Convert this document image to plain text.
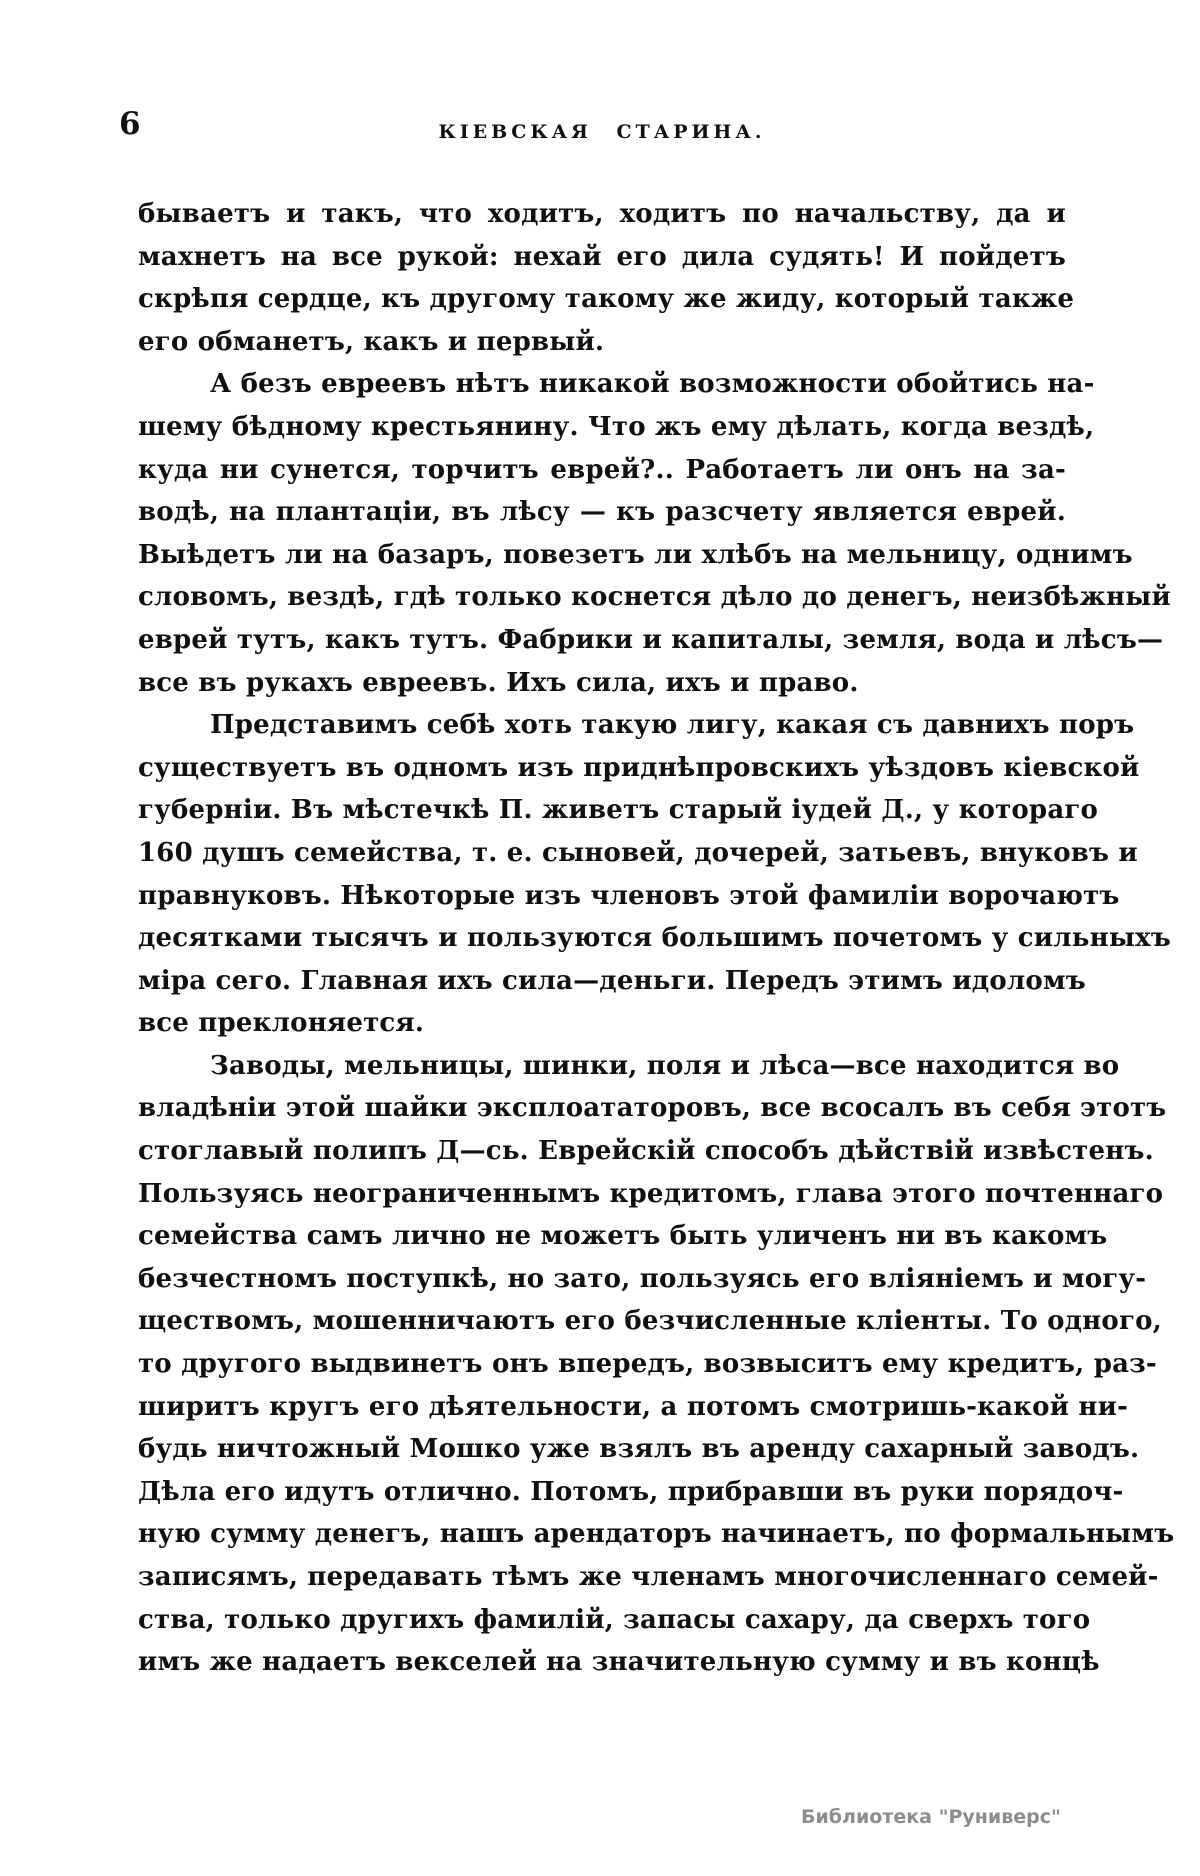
6	КІЕВСКАЯ СТАРИНА.
бываетъ и такъ, что ходитъ, ходитъ по начальству, да и
махнетъ на все рукой: нехай его дила судять! И пойдетъ
скрѣпя сердце, къ другому такому же жиду, который также
его обманетъ, какъ и первый.
А безъ евреевъ нѣтъ никакой возможности обойтись на-
шему бѣдному крестьянину. Что жъ ему дѣлать, когда вездѣ,
куда ни сунется, торчитъ еврей?.. Работаетъ ли онъ на за-
водѣ, на плантаціи, въ лѣсу — къ разсчету является еврей.
Выѣдетъ ли на базаръ, повезетъ ли хлѣбъ на мельницу, однимъ
словомъ, вездѣ, гдѣ только коснется дѣло до денегъ, неизбѣжный
еврей тутъ, какъ тутъ. Фабрики и капиталы, земля, вода и лѣсъ—
все въ рукахъ евреевъ. Ихъ сила, ихъ и право.
Представимъ себѣ хоть такую лигу, какая съ давнихъ поръ
существуетъ въ одномъ изъ приднѣпровскихъ уѣздовъ кіевской
губерніи. Въ мѣстечкѣ П. живетъ старый іудей Д., у котораго
160 душъ семейства, т. е. сыновей, дочерей, затьевъ, внуковъ и
правнуковъ. Нѣкоторые изъ членовъ этой фамиліи ворочаютъ
десятками тысячъ и пользуются большимъ почетомъ у сильныхъ
міра сего. Главная ихъ сила—деньги. Передъ этимъ идоломъ
все преклоняется.
Заводы, мельницы, шинки, поля и лѣса—все находится во
владѣніи этой шайки эксплоататоровъ, все всосалъ въ себя этотъ
стоглавый полипъ Д—сь. Еврейскій способъ дѣйствій извѣстенъ.
Пользуясь неограниченнымъ кредитомъ, глава этого почтеннаго
семейства самъ лично не можетъ быть уличенъ ни въ какомъ
безчестномъ поступкѣ, но зато, пользуясь его вліяніемъ и могу-
ществомъ, мошенничаютъ его безчисленные кліенты. То одного,
то другого выдвинетъ онъ впередъ, возвыситъ ему кредитъ, раз-
ширитъ кругъ его дѣятельности, а потомъ смотришь-какой ни-
будь ничтожный Мошко уже взялъ въ аренду сахарный заводъ.
Дѣла его идутъ отлично. Потомъ, прибравши въ руки порядоч-
ную сумму денегъ, нашъ арендаторъ начинаетъ, по формальнымъ
записямъ, передавать тѣмъ же членамъ многочисленнаго семей-
ства, только другихъ фамилій, запасы сахару, да сверхъ того
имъ же надаетъ векселей на значительную сумму и въ концѣ
Библиотека "Руниверс"
